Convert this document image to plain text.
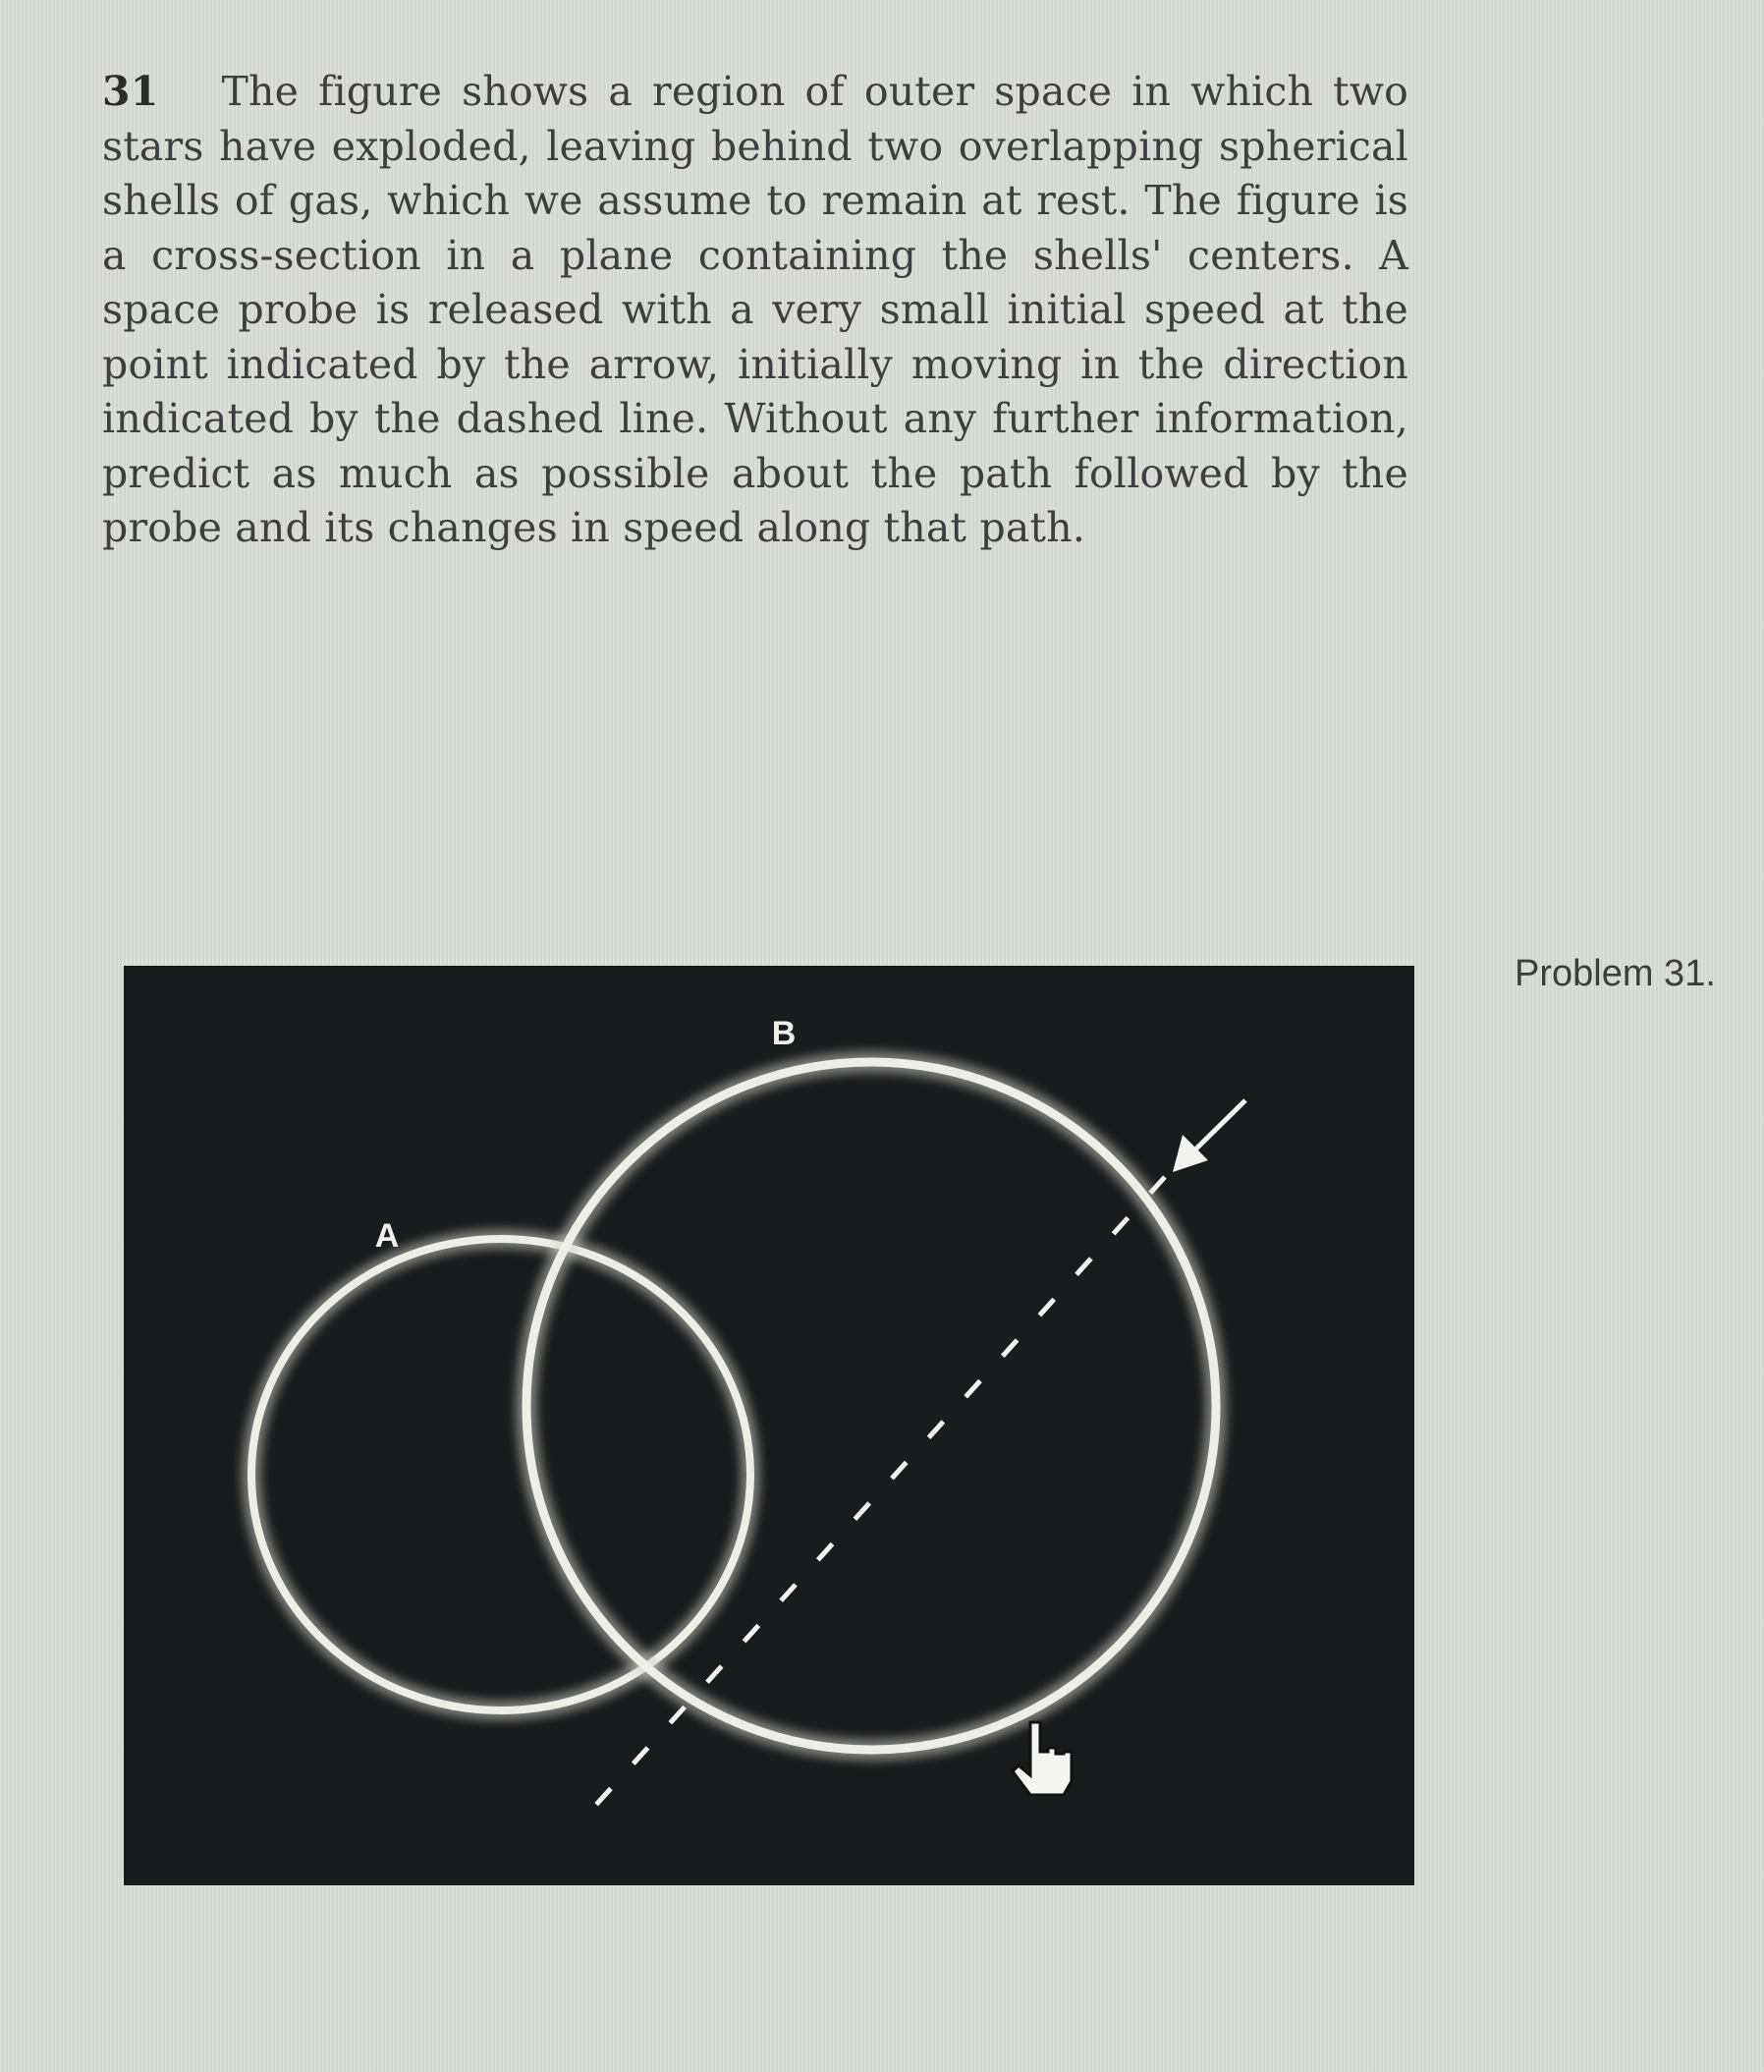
31 The figure shows a region of outer space in which two stars have exploded, leaving behind two overlapping spherical shells of gas, which we assume to remain at rest. The figure is a cross-section in a plane containing the shells' centers. A space probe is released with a very small initial speed at the point indicated by the arrow, initially moving in the direction indicated by the dashed line. Without any further information, predict as much as possible about the path followed by the probe and its changes in speed along that path.
Problem 31.
B
A
